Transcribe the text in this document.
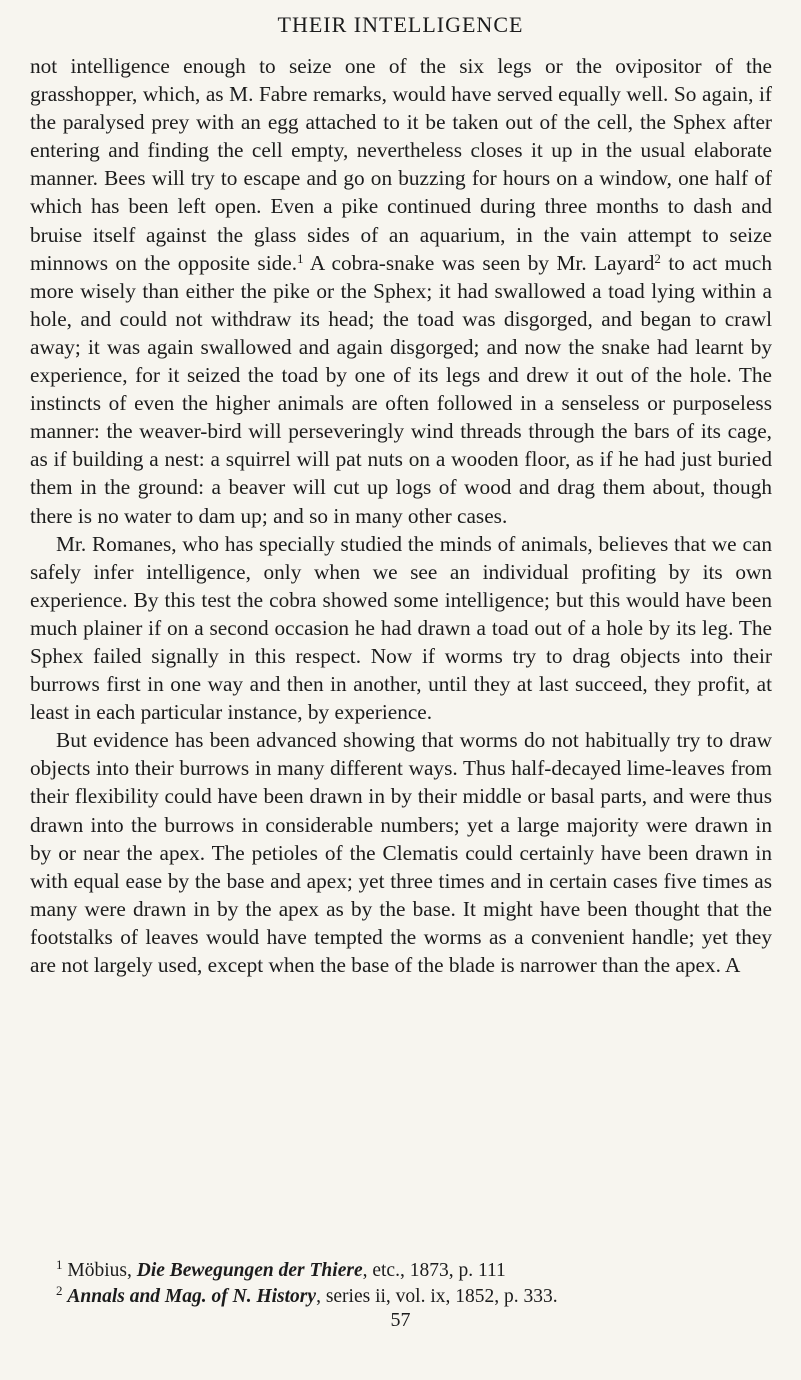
THEIR INTELLIGENCE

not intelligence enough to seize one of the six legs or the ovipositor of the grasshopper, which, as M. Fabre remarks, would have served equally well. So again, if the paralysed prey with an egg attached to it be taken out of the cell, the Sphex after entering and finding the cell empty, nevertheless closes it up in the usual elaborate manner. Bees will try to escape and go on buzzing for hours on a window, one half of which has been left open. Even a pike continued during three months to dash and bruise itself against the glass sides of an aquarium, in the vain attempt to seize minnows on the opposite side.$^1$ A cobra-snake was seen by Mr. Layard$^2$ to act much more wisely than either the pike or the Sphex; it had swallowed a toad lying within a hole, and could not withdraw its head; the toad was disgorged, and began to crawl away; it was again swallowed and again disgorged; and now the snake had learnt by experience, for it seized the toad by one of its legs and drew it out of the hole. The instincts of even the higher animals are often followed in a senseless or purposeless manner: the weaver-bird will perseveringly wind threads through the bars of its cage, as if building a nest: a squirrel will pat nuts on a wooden floor, as if he had just buried them in the ground: a beaver will cut up logs of wood and drag them about, though there is no water to dam up; and so in many other cases.

Mr. Romanes, who has specially studied the minds of animals, believes that we can safely infer intelligence, only when we see an individual profiting by its own experience. By this test the cobra showed some intelligence; but this would have been much plainer if on a second occasion he had drawn a toad out of a hole by its leg. The Sphex failed signally in this respect. Now if worms try to drag objects into their burrows first in one way and then in another, until they at last succeed, they profit, at least in each particular instance, by experience.

But evidence has been advanced showing that worms do not habitually try to draw objects into their burrows in many different ways. Thus half-decayed lime-leaves from their flexibility could have been drawn in by their middle or basal parts, and were thus drawn into the burrows in considerable numbers; yet a large majority were drawn in by or near the apex. The petioles of the Clematis could certainly have been drawn in with equal ease by the base and apex; yet three times and in certain cases five times as many were drawn in by the apex as by the base. It might have been thought that the footstalks of leaves would have tempted the worms as a convenient handle; yet they are not largely used, except when the base of the blade is narrower than the apex. A

$^1$ Möbius, Die Bewegungen der Thiere, etc., 1873, p. 111
$^2$ Annals and Mag. of N. History, series ii, vol. ix, 1852, p. 333.
57
